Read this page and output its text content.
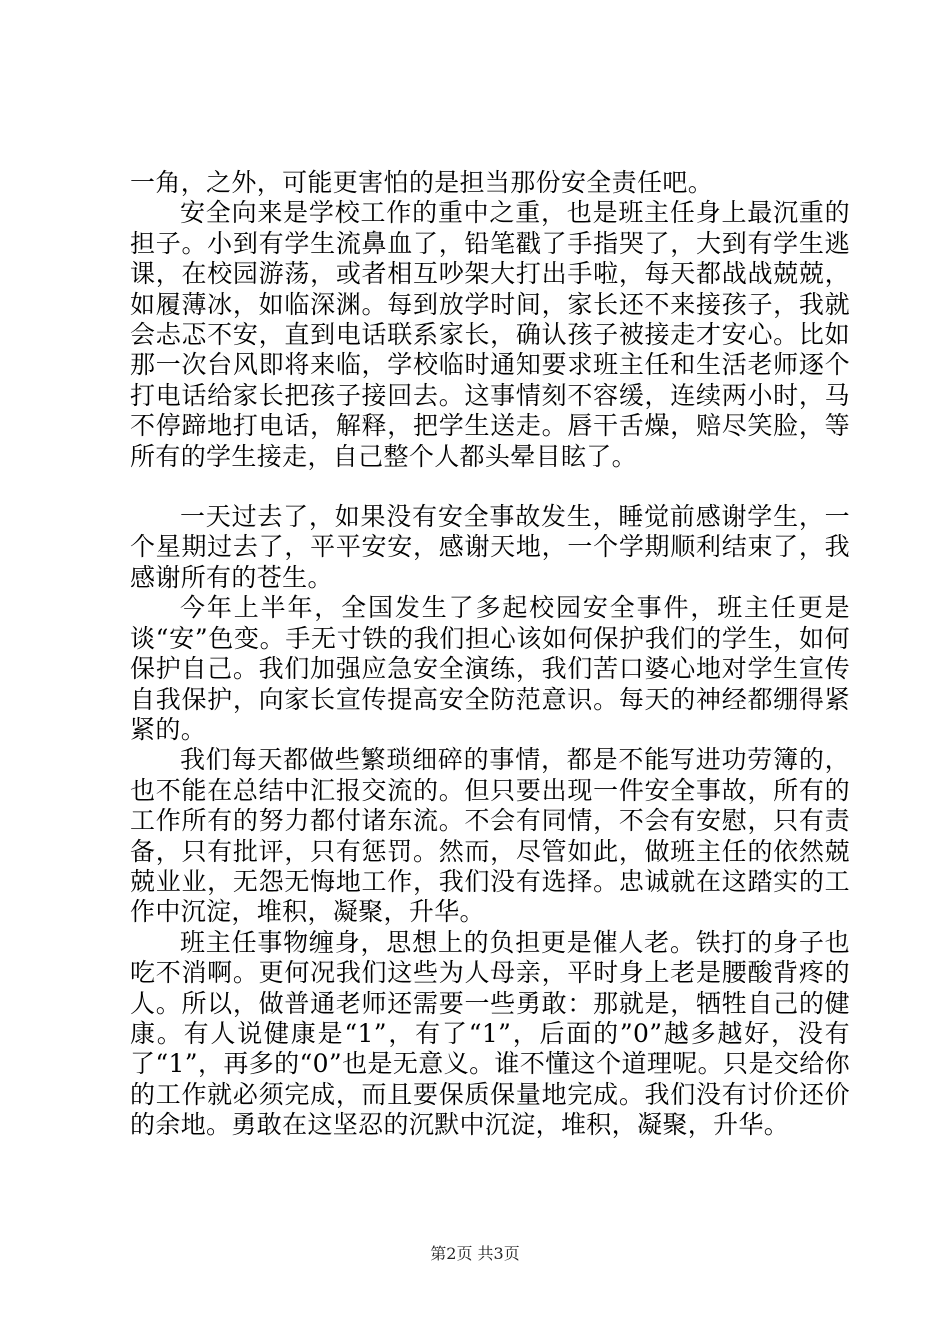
一角，之外，可能更害怕的是担当那份安全责任吧。

安全向来是学校工作的重中之重，也是班主任身上最沉重的担子。小到有学生流鼻血了，铅笔戳了手指哭了，大到有学生逃课，在校园游荡，或者相互吵架大打出手啦，每天都战战兢兢，如履薄冰，如临深渊。每到放学时间，家长还不来接孩子，我就会忐忑不安，直到电话联系家长，确认孩子被接走才安心。比如那一次台风即将来临，学校临时通知要求班主任和生活老师逐个打电话给家长把孩子接回去。这事情刻不容缓，连续两小时，马不停蹄地打电话，解释，把学生送走。唇干舌燥，赔尽笑脸，等所有的学生接走，自己整个人都头晕目眩了。

一天过去了，如果没有安全事故发生，睡觉前感谢学生，一个星期过去了，平平安安，感谢天地，一个学期顺利结束了，我感谢所有的苍生。

今年上半年，全国发生了多起校园安全事件，班主任更是谈“安”色变。手无寸铁的我们担心该如何保护我们的学生，如何保护自己。我们加强应急安全演练，我们苦口婆心地对学生宣传自我保护，向家长宣传提高安全防范意识。每天的神经都绷得紧紧的。

我们每天都做些繁琐细碎的事情，都是不能写进功劳簿的，也不能在总结中汇报交流的。但只要出现一件安全事故，所有的工作所有的努力都付诸东流。不会有同情，不会有安慰，只有责备，只有批评，只有惩罚。然而，尽管如此，做班主任的依然兢兢业业，无怨无悔地工作，我们没有选择。忠诚就在这踏实的工作中沉淀，堆积，凝聚，升华。

班主任事物缠身，思想上的负担更是催人老。铁打的身子也吃不消啊。更何况我们这些为人母亲，平时身上老是腰酸背疼的人。所以，做普通老师还需要一些勇敢：那就是，牺牲自己的健康。有人说健康是“1”，有了“1”，后面的”0”越多越好，没有了“1”，再多的“0”也是无意义。谁不懂这个道理呢。只是交给你的工作就必须完成，而且要保质保量地完成。我们没有讨价还价的余地。勇敢在这坚忍的沉默中沉淀，堆积，凝聚，升华。

第2页 共3页
